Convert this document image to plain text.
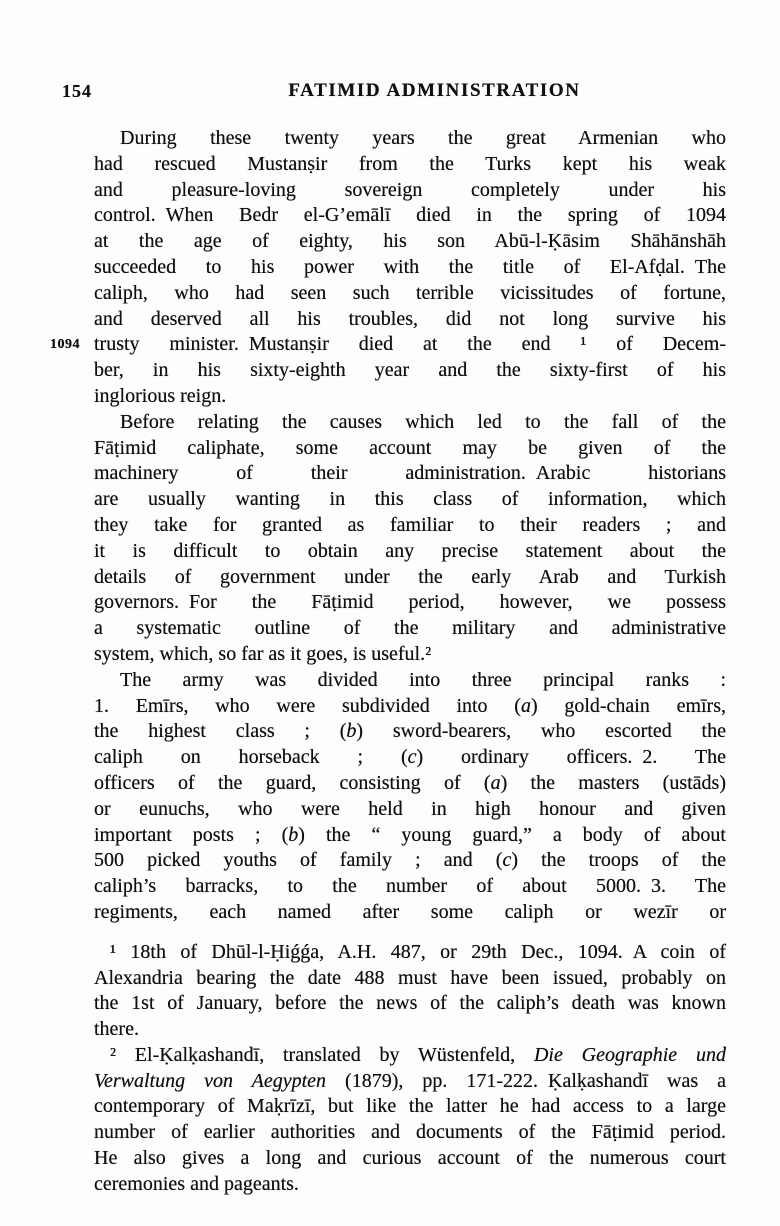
154	FATIMID ADMINISTRATION
1094
During these twenty years the great Armenian who
had rescued Mustanṣir from the Turks kept his weak
and pleasure-loving sovereign completely under his
control. When Bedr el-G’emālī died in the spring of 1094
at the age of eighty, his son Abū-l-Ḳāsim Shāhānshāh
succeeded to his power with the title of El-Afḍal. The
caliph, who had seen such terrible vicissitudes of fortune,
and deserved all his troubles, did not long survive his
trusty minister. Mustanṣir died at the end ¹ of Decem-
ber, in his sixty-eighth year and the sixty-first of his
inglorious reign.
Before relating the causes which led to the fall of the
Fāṭimid caliphate, some account may be given of the
machinery of their administration. Arabic historians
are usually wanting in this class of information, which
they take for granted as familiar to their readers ; and
it is difficult to obtain any precise statement about the
details of government under the early Arab and Turkish
governors. For the Fāṭimid period, however, we possess
a systematic outline of the military and administrative
system, which, so far as it goes, is useful.²
The army was divided into three principal ranks :
1. Emīrs, who were subdivided into (a) gold-chain emīrs,
the highest class ; (b) sword-bearers, who escorted the
caliph on horseback ; (c) ordinary officers. 2. The
officers of the guard, consisting of (a) the masters (ustāds)
or eunuchs, who were held in high honour and given
important posts ; (b) the “ young guard,” a body of about
500 picked youths of family ; and (c) the troops of the
caliph’s barracks, to the number of about 5000. 3. The
regiments, each named after some caliph or wezīr or
¹ 18th of Dhūl-l-Ḥiǵǵa, A.H. 487, or 29th Dec., 1094. A coin of
Alexandria bearing the date 488 must have been issued, probably on
the 1st of January, before the news of the caliph’s death was known
there.
² El-Ḳalḳashandī, translated by Wüstenfeld, Die Geographie und
Verwaltung von Aegypten (1879), pp. 171-222. Ḳalḳashandī was a
contemporary of Maḳrīzī, but like the latter he had access to a large
number of earlier authorities and documents of the Fāṭimid period.
He also gives a long and curious account of the numerous court
ceremonies and pageants.
